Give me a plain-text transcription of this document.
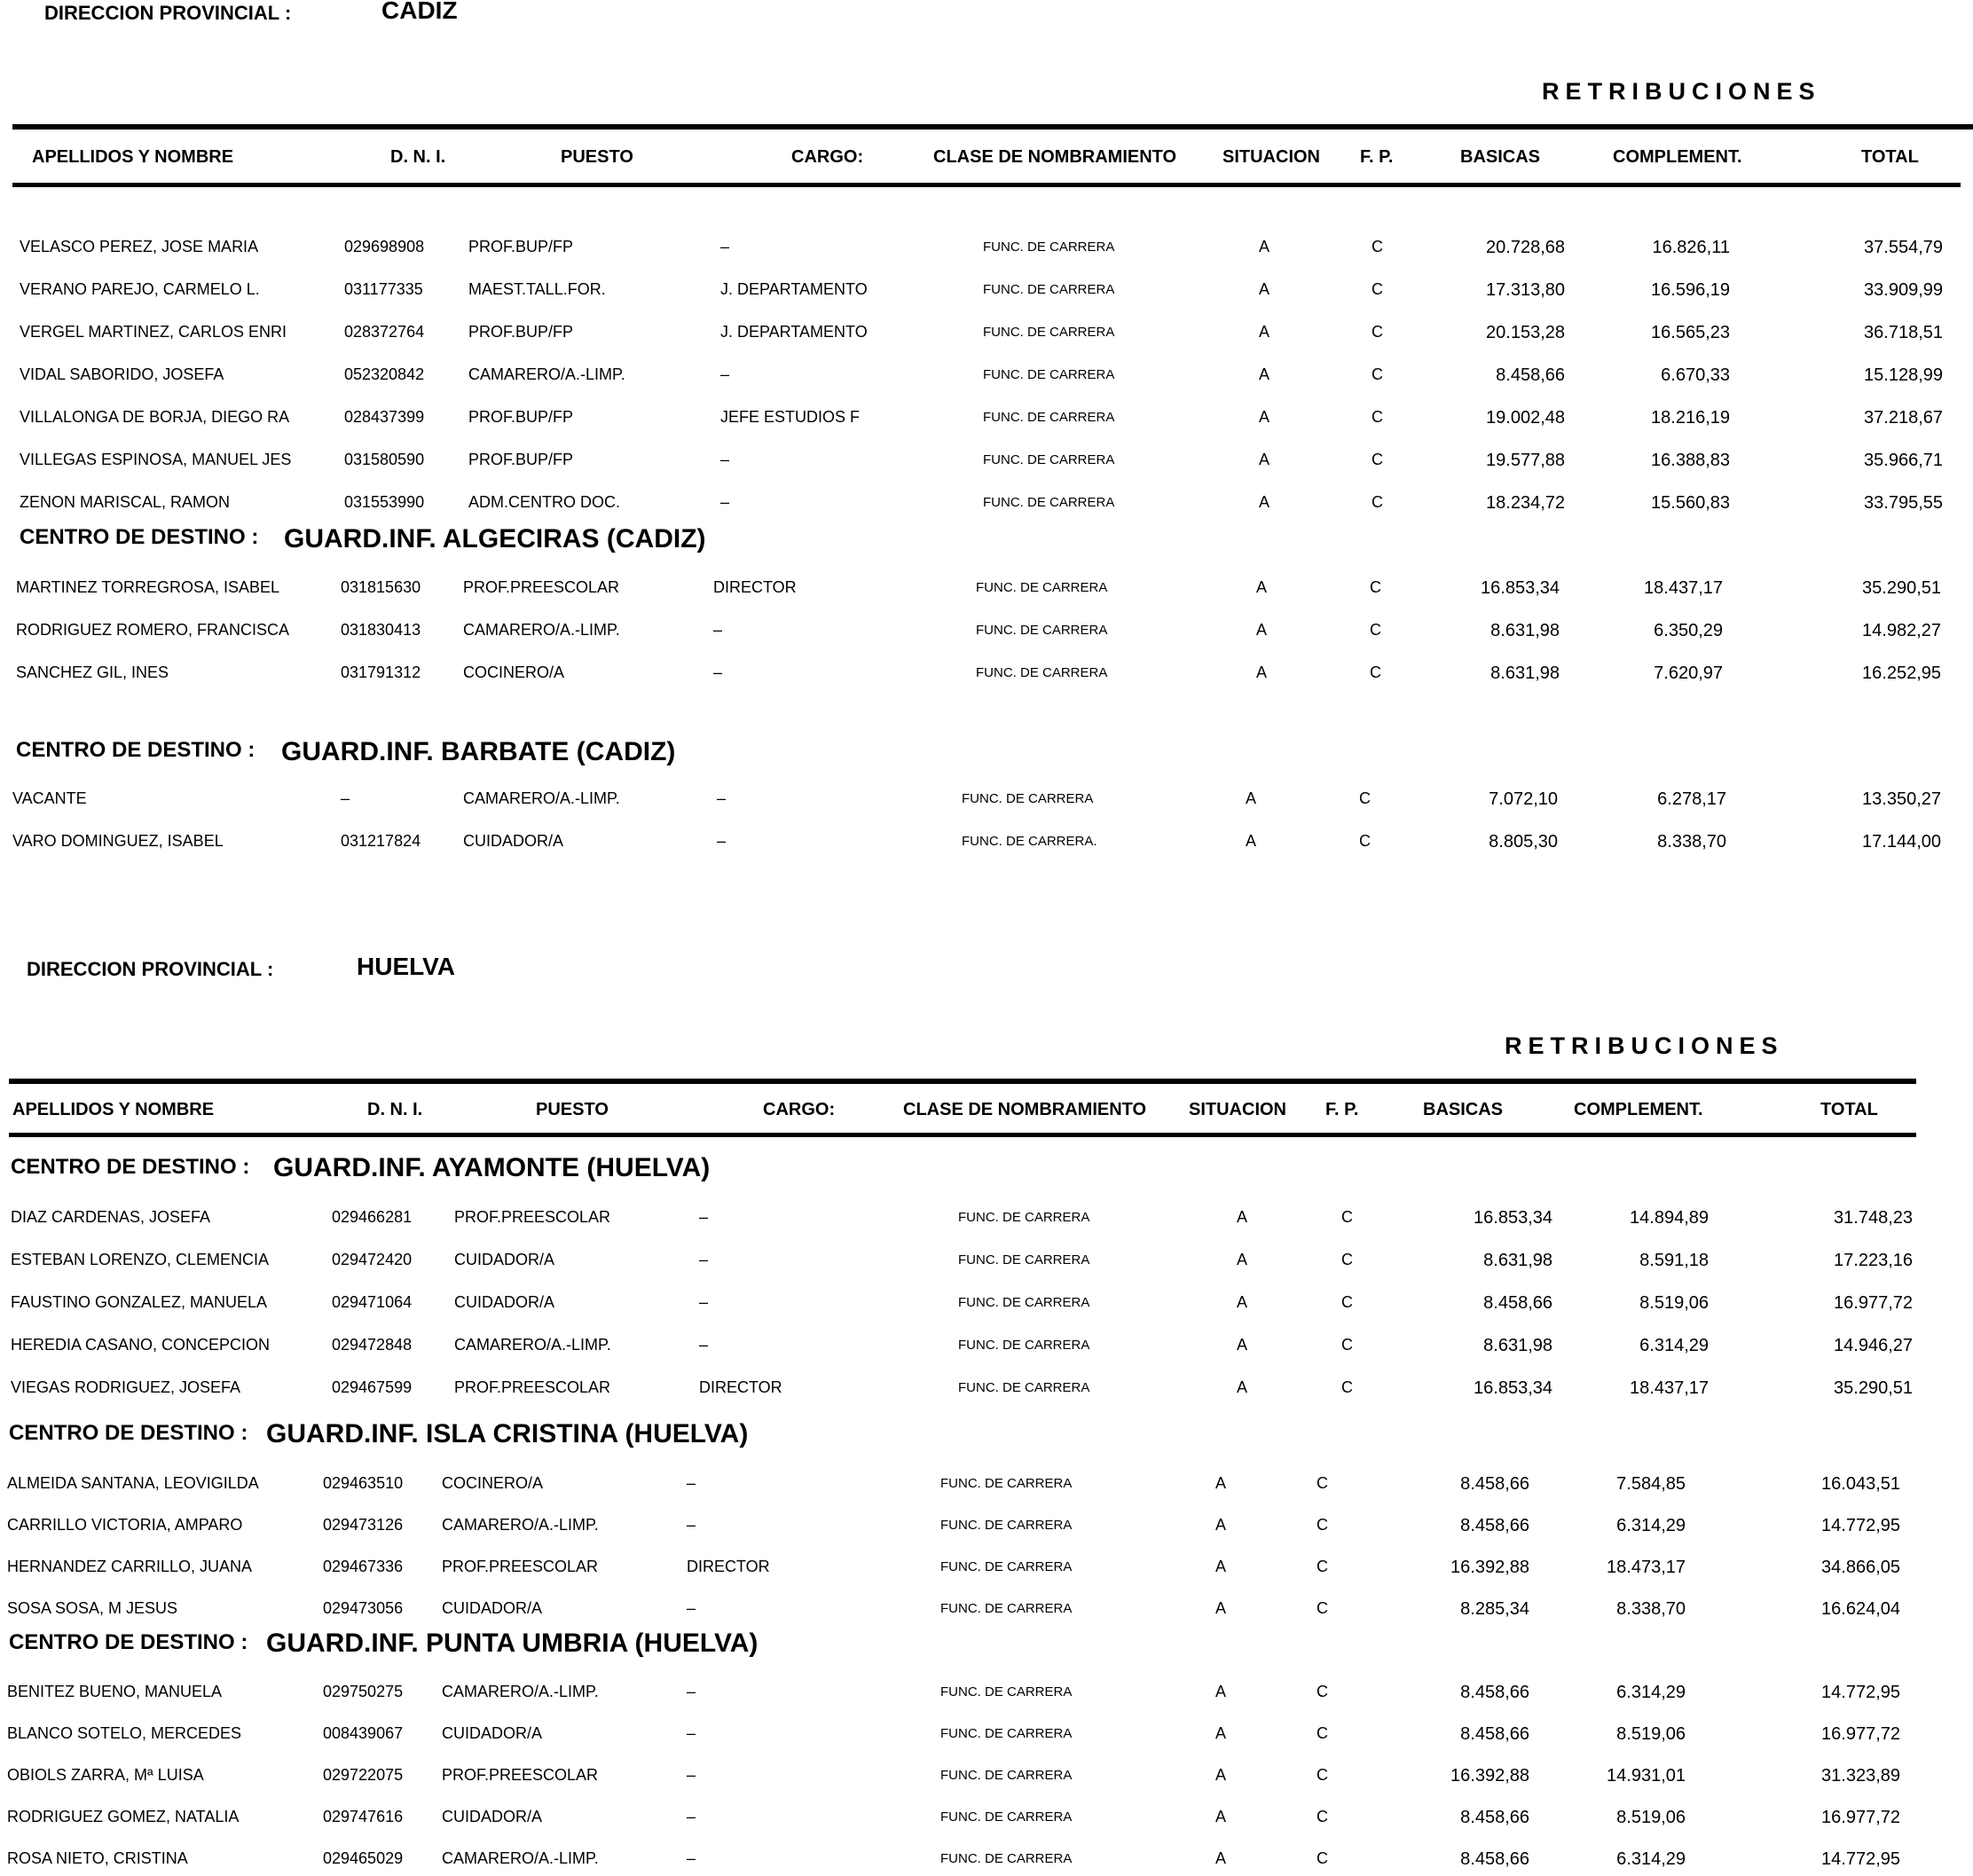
DIRECCION PROVINCIAL :	CADIZ
RETRIBUCIONES
APELLIDOS Y NOMBRE	D. N. I.	PUESTO	CARGO:	CLASE DE NOMBRAMIENTO	SITUACION F. P.	BASICAS	COMPLEMENT.	TOTAL
VELASCO PEREZ, JOSE MARIA	029698908	PROF.BUP/FP	–	FUNC. DE CARRERA	A	C	20.728,68	16.826,11	37.554,79
VERANO PAREJO, CARMELO L.	031177335	MAEST.TALL.FOR.	J. DEPARTAMENTO	FUNC. DE CARRERA	A	C	17.313,80	16.596,19	33.909,99
VERGEL MARTINEZ, CARLOS ENRI	028372764	PROF.BUP/FP	J. DEPARTAMENTO	FUNC. DE CARRERA	A	C	20.153,28	16.565,23	36.718,51
VIDAL SABORIDO, JOSEFA	052320842	CAMARERO/A.-LIMP.	–	FUNC. DE CARRERA	A	C	8.458,66	6.670,33	15.128,99
VILLALONGA DE BORJA, DIEGO RA	028437399	PROF.BUP/FP	JEFE ESTUDIOS F	FUNC. DE CARRERA	A	C	19.002,48	18.216,19	37.218,67
VILLEGAS ESPINOSA, MANUEL JES	031580590	PROF.BUP/FP	–	FUNC. DE CARRERA	A	C	19.577,88	16.388,83	35.966,71
ZENON MARISCAL, RAMON	031553990	ADM.CENTRO DOC.	–	FUNC. DE CARRERA	A	C	18.234,72	15.560,83	33.795,55
CENTRO DE DESTINO : GUARD.INF. ALGECIRAS (CADIZ)
MARTINEZ TORREGROSA, ISABEL	031815630	PROF.PREESCOLAR	DIRECTOR	FUNC. DE CARRERA	A	C	16.853,34	18.437,17	35.290,51
RODRIGUEZ ROMERO, FRANCISCA	031830413	CAMARERO/A.-LIMP.	–	FUNC. DE CARRERA	A	C	8.631,98	6.350,29	14.982,27
SANCHEZ GIL, INES	031791312	COCINERO/A	–	FUNC. DE CARRERA	A	C	8.631,98	7.620,97	16.252,95
CENTRO DE DESTINO : GUARD.INF. BARBATE (CADIZ)
VACANTE	–	CAMARERO/A.-LIMP.	–	FUNC. DE CARRERA	A	C	7.072,10	6.278,17	13.350,27
VARO DOMINGUEZ, ISABEL	031217824	CUIDADOR/A	–	FUNC. DE CARRERA.	A	C	8.805,30	8.338,70	17.144,00
DIRECCION PROVINCIAL :	HUELVA
RETRIBUCIONES
APELLIDOS Y NOMBRE	D. N. I.	PUESTO	CARGO:	CLASE DE NOMBRAMIENTO SITUACION F. P.	BASICAS	COMPLEMENT.	TOTAL
CENTRO DE DESTINO : GUARD.INF. AYAMONTE (HUELVA)
DIAZ CARDENAS, JOSEFA	029466281	PROF.PREESCOLAR	–	FUNC. DE CARRERA	A	C	16.853,34	14.894,89	31.748,23
ESTEBAN LORENZO, CLEMENCIA	029472420	CUIDADOR/A	–	FUNC. DE CARRERA	A	C	8.631,98	8.591,18	17.223,16
FAUSTINO GONZALEZ, MANUELA	029471064	CUIDADOR/A	–	FUNC. DE CARRERA	A	C	8.458,66	8.519,06	16.977,72
HEREDIA CASANO, CONCEPCION	029472848	CAMARERO/A.-LIMP.	–	FUNC. DE CARRERA	A	C	8.631,98	6.314,29	14.946,27
VIEGAS RODRIGUEZ, JOSEFA	029467599	PROF.PREESCOLAR	DIRECTOR	FUNC. DE CARRERA	A	C	16.853,34	18.437,17	35.290,51
CENTRO DE DESTINO : GUARD.INF. ISLA CRISTINA (HUELVA)
ALMEIDA SANTANA, LEOVIGILDA	029463510 COCINERO/A	–	FUNC. DE CARRERA	A	C	8.458,66	7.584,85	16.043,51
CARRILLO VICTORIA, AMPARO	029473126 CAMARERO/A.-LIMP.	–	FUNC. DE CARRERA	A	C	8.458,66	6.314,29	14.772,95
HERNANDEZ CARRILLO, JUANA	029467336 PROF.PREESCOLAR	DIRECTOR	FUNC. DE CARRERA	A	C	16.392,88	18.473,17	34.866,05
SOSA SOSA, M JESUS	029473056 CUIDADOR/A	–	FUNC. DE CARRERA	A	C	8.285,34	8.338,70	16.624,04
CENTRO DE DESTINO : GUARD.INF. PUNTA UMBRIA (HUELVA)
BENITEZ BUENO, MANUELA	029750275 CAMARERO/A.-LIMP.	–	FUNC. DE CARRERA	A	C	8.458,66	6.314,29	14.772,95
BLANCO SOTELO, MERCEDES	008439067 CUIDADOR/A	–	FUNC. DE CARRERA	A	C	8.458,66	8.519,06	16.977,72
OBIOLS ZARRA, Mª LUISA	029722075 PROF.PREESCOLAR	–	FUNC. DE CARRERA	A	C	16.392,88	14.931,01	31.323,89
RODRIGUEZ GOMEZ, NATALIA	029747616 CUIDADOR/A	–	FUNC. DE CARRERA	A	C	8.458,66	8.519,06	16.977,72
ROSA NIETO, CRISTINA	029465029 CAMARERO/A.-LIMP.	–	FUNC. DE CARRERA	A	C	8.458,66	6.314,29	14.772,95
